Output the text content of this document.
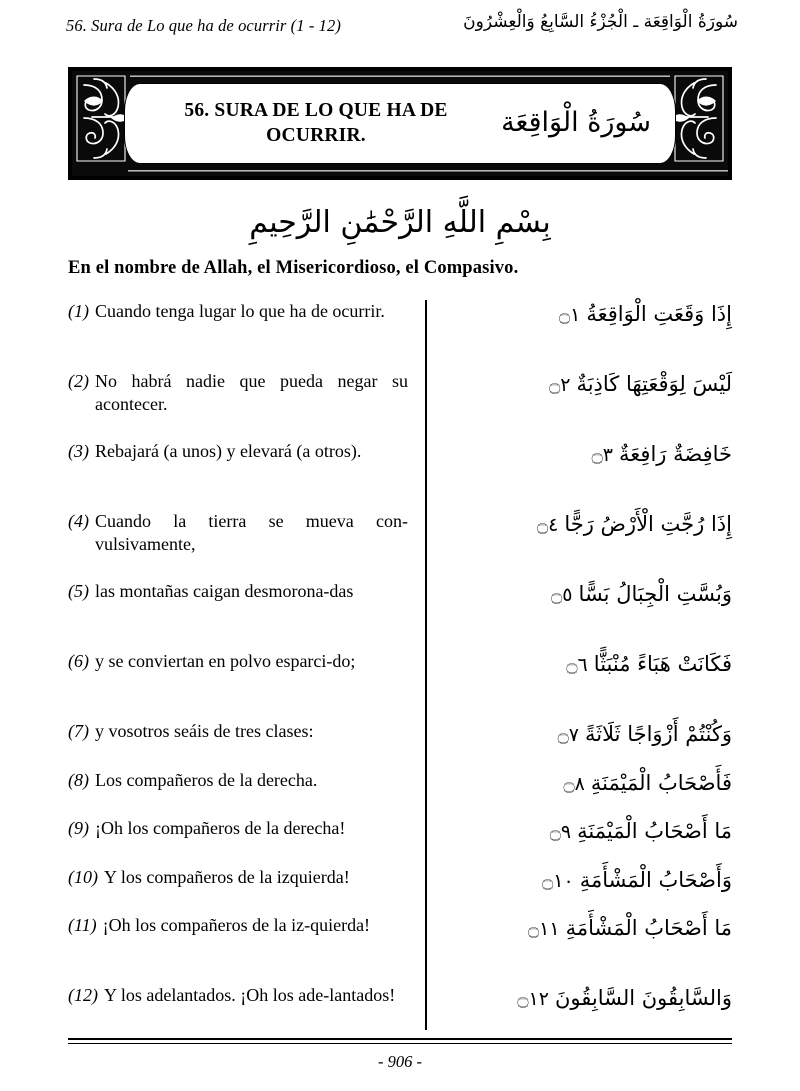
56. Sura de Lo que ha de ocurrir (1 - 12)	سُورَةُ الْوَاقِعَة ـ الْجُزْءُ السَّابِعُ وَالْعِشْرُونَ
56. SURA DE LO QUE HA DE OCURRIR.	سُورَةُ الْوَاقِعَة
بِسْمِ اللَّهِ الرَّحْمَٰنِ الرَّحِيمِ
En el nombre de Allah, el Misericordioso, el Compasivo.
(1) Cuando tenga lugar lo que ha de ocurrir.
(2) No habrá nadie que pueda negar su acontecer.
(3) Rebajará (a unos) y elevará (a otros).
(4) Cuando la tierra se mueva con-vulsivamente,
(5) las montañas caigan desmorona-das
(6) y se conviertan en polvo esparci-do;
(7) y vosotros seáis de tres clases:
(8) Los compañeros de la derecha.
(9) ¡Oh los compañeros de la derecha!
(10) Y los compañeros de la izquierda!
(11) ¡Oh los compañeros de la iz-quierda!
(12) Y los adelantados. ¡Oh los ade-lantados!
إِذَا وَقَعَتِ الْوَاقِعَةُ ۝١
لَيْسَ لِوَقْعَتِهَا كَاذِبَةٌ ۝٢
خَافِضَةٌ رَافِعَةٌ ۝٣
إِذَا رُجَّتِ الْأَرْضُ رَجًّا ۝٤
وَبُسَّتِ الْجِبَالُ بَسًّا ۝٥
فَكَانَتْ هَبَاءً مُنْبَثًّا ۝٦
وَكُنْتُمْ أَزْوَاجًا ثَلَاثَةً ۝٧
فَأَصْحَابُ الْمَيْمَنَةِ ۝٨
مَا أَصْحَابُ الْمَيْمَنَةِ ۝٩
وَأَصْحَابُ الْمَشْأَمَةِ ۝١٠
مَا أَصْحَابُ الْمَشْأَمَةِ ۝١١
وَالسَّابِقُونَ السَّابِقُونَ ۝١٢
- 906 -
